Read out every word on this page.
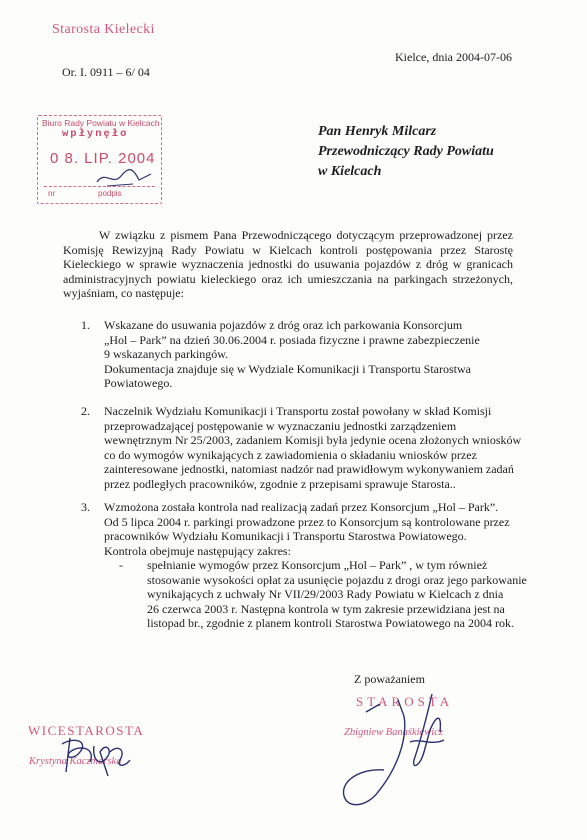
Starosta Kielecki
Or. I. 0911 – 6/ 04
Kielce, dnia 2004-07-06
Biuro Rady Powiatu w Kielcach
wpłynęło
0 8. LIP. 2004
nr	podpis
Pan Henryk Milcarz
Przewodniczący Rady Powiatu
w Kielcach

W związku z pismem Pana Przewodniczącego dotyczącym przeprowadzonej przez Komisję Rewizyjną Rady Powiatu w Kielcach kontroli postępowania przez Starostę Kieleckiego w sprawie wyznaczenia jednostki do usuwania pojazdów z dróg w granicach administracyjnych powiatu kieleckiego oraz ich umieszczania na parkingach strzeżonych, wyjaśniam, co następuje:

1. Wskazane do usuwania pojazdów z dróg oraz ich parkowania Konsorcjum
„Hol – Park” na dzień 30.06.2004 r. posiada fizyczne i prawne zabezpieczenie
9 wskazanych parkingów.
Dokumentacja znajduje się w Wydziale Komunikacji i Transportu Starostwa
Powiatowego.
2. Naczelnik Wydziału Komunikacji i Transportu został powołany w skład Komisji
przeprowadzającej postępowanie w wyznaczaniu jednostki zarządzeniem
wewnętrznym Nr 25/2003, zadaniem Komisji była jedynie ocena złożonych wniosków
co do wymogów wynikających z zawiadomienia o składaniu wniosków przez
zainteresowane jednostki, natomiast nadzór nad prawidłowym wykonywaniem zadań
przez podległych pracowników, zgodnie z przepisami sprawuje Starosta..
3. Wzmożona została kontrola nad realizacją zadań przez Konsorcjum „Hol – Park”.
Od 5 lipca 2004 r. parkingi prowadzone przez to Konsorcjum są kontrolowane przez
pracowników Wydziału Komunikacji i Transportu Starostwa Powiatowego.
Kontrola obejmuje następujący zakres:
- spełnianie wymogów przez Konsorcjum „Hol – Park” , w tym również
stosowanie wysokości opłat za usunięcie pojazdu z drogi oraz jego parkowanie
wynikających z uchwały Nr VII/29/2003 Rady Powiatu w Kielcach z dnia
26 czerwca 2003 r. Następna kontrola w tym zakresie przewidziana jest na
listopad br., zgodnie z planem kontroli Starostwa Powiatowego na 2004 rok.
Z poważaniem
STAROSTA
Zbigniew Banaśkiewicz
WICESTAROSTA
Krystyna Kaczmarska
